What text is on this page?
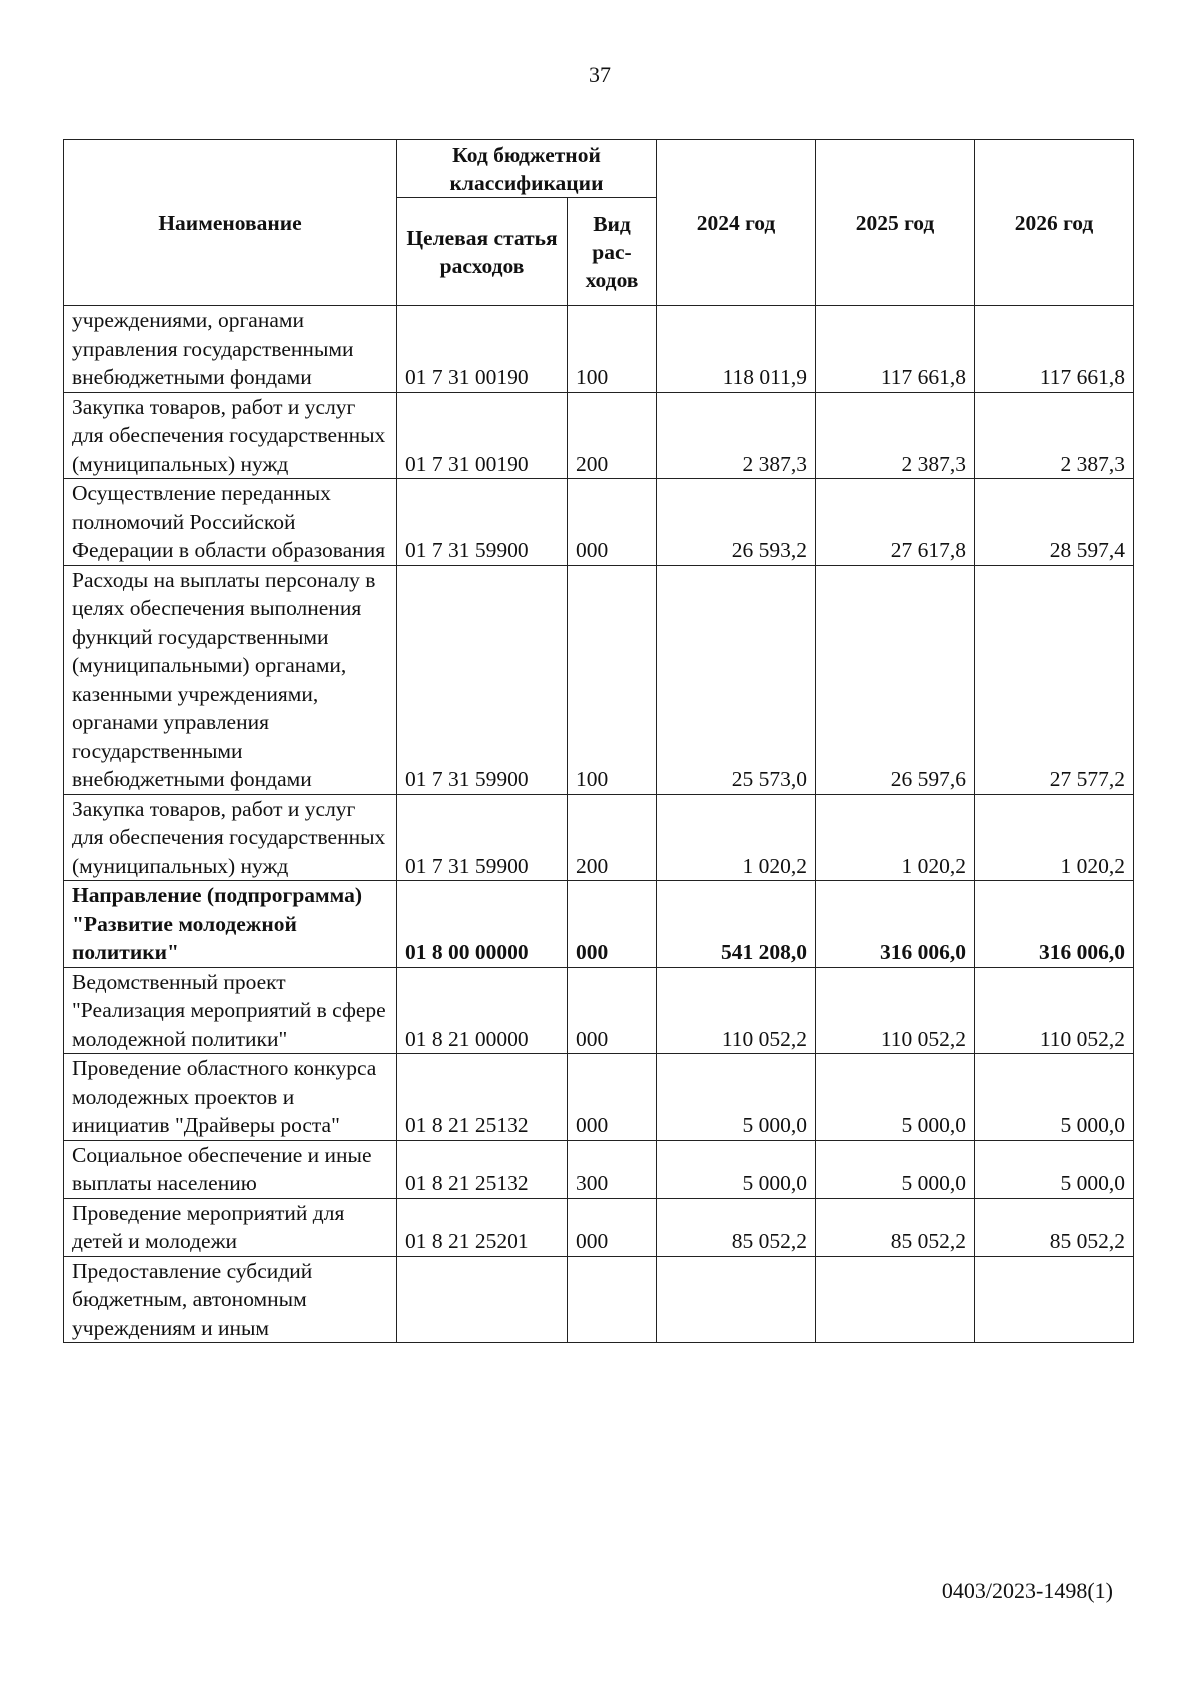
37
Наименование	Код бюджетной классификации		2024 год	2025 год	2026 год
	Целевая статья расходов	Вид рас-ходов			
учреждениями, органами управления государственными внебюджетными фондами	01 7 31 00190	100	118 011,9	117 661,8	117 661,8
Закупка товаров, работ и услуг для обеспечения государственных (муниципальных) нужд	01 7 31 00190	200	2 387,3	2 387,3	2 387,3
Осуществление переданных полномочий Российской Федерации в области образования	01 7 31 59900	000	26 593,2	27 617,8	28 597,4
Расходы на выплаты персоналу в целях обеспечения выполнения функций государственными (муниципальными) органами, казенными учреждениями, органами управления государственными внебюджетными фондами	01 7 31 59900	100	25 573,0	26 597,6	27 577,2
Закупка товаров, работ и услуг для обеспечения государственных (муниципальных) нужд	01 7 31 59900	200	1 020,2	1 020,2	1 020,2
Направление (подпрограмма) "Развитие молодежной политики"	01 8 00 00000	000	541 208,0	316 006,0	316 006,0
Ведомственный проект "Реализация мероприятий в сфере молодежной политики"	01 8 21 00000	000	110 052,2	110 052,2	110 052,2
Проведение областного конкурса молодежных проектов и инициатив "Драйверы роста"	01 8 21 25132	000	5 000,0	5 000,0	5 000,0
Социальное обеспечение и иные выплаты населению	01 8 21 25132	300	5 000,0	5 000,0	5 000,0
Проведение мероприятий для детей и молодежи	01 8 21 25201	000	85 052,2	85 052,2	85 052,2
Предоставление субсидий бюджетным, автономным учреждениям и иным					
0403/2023-1498(1)
